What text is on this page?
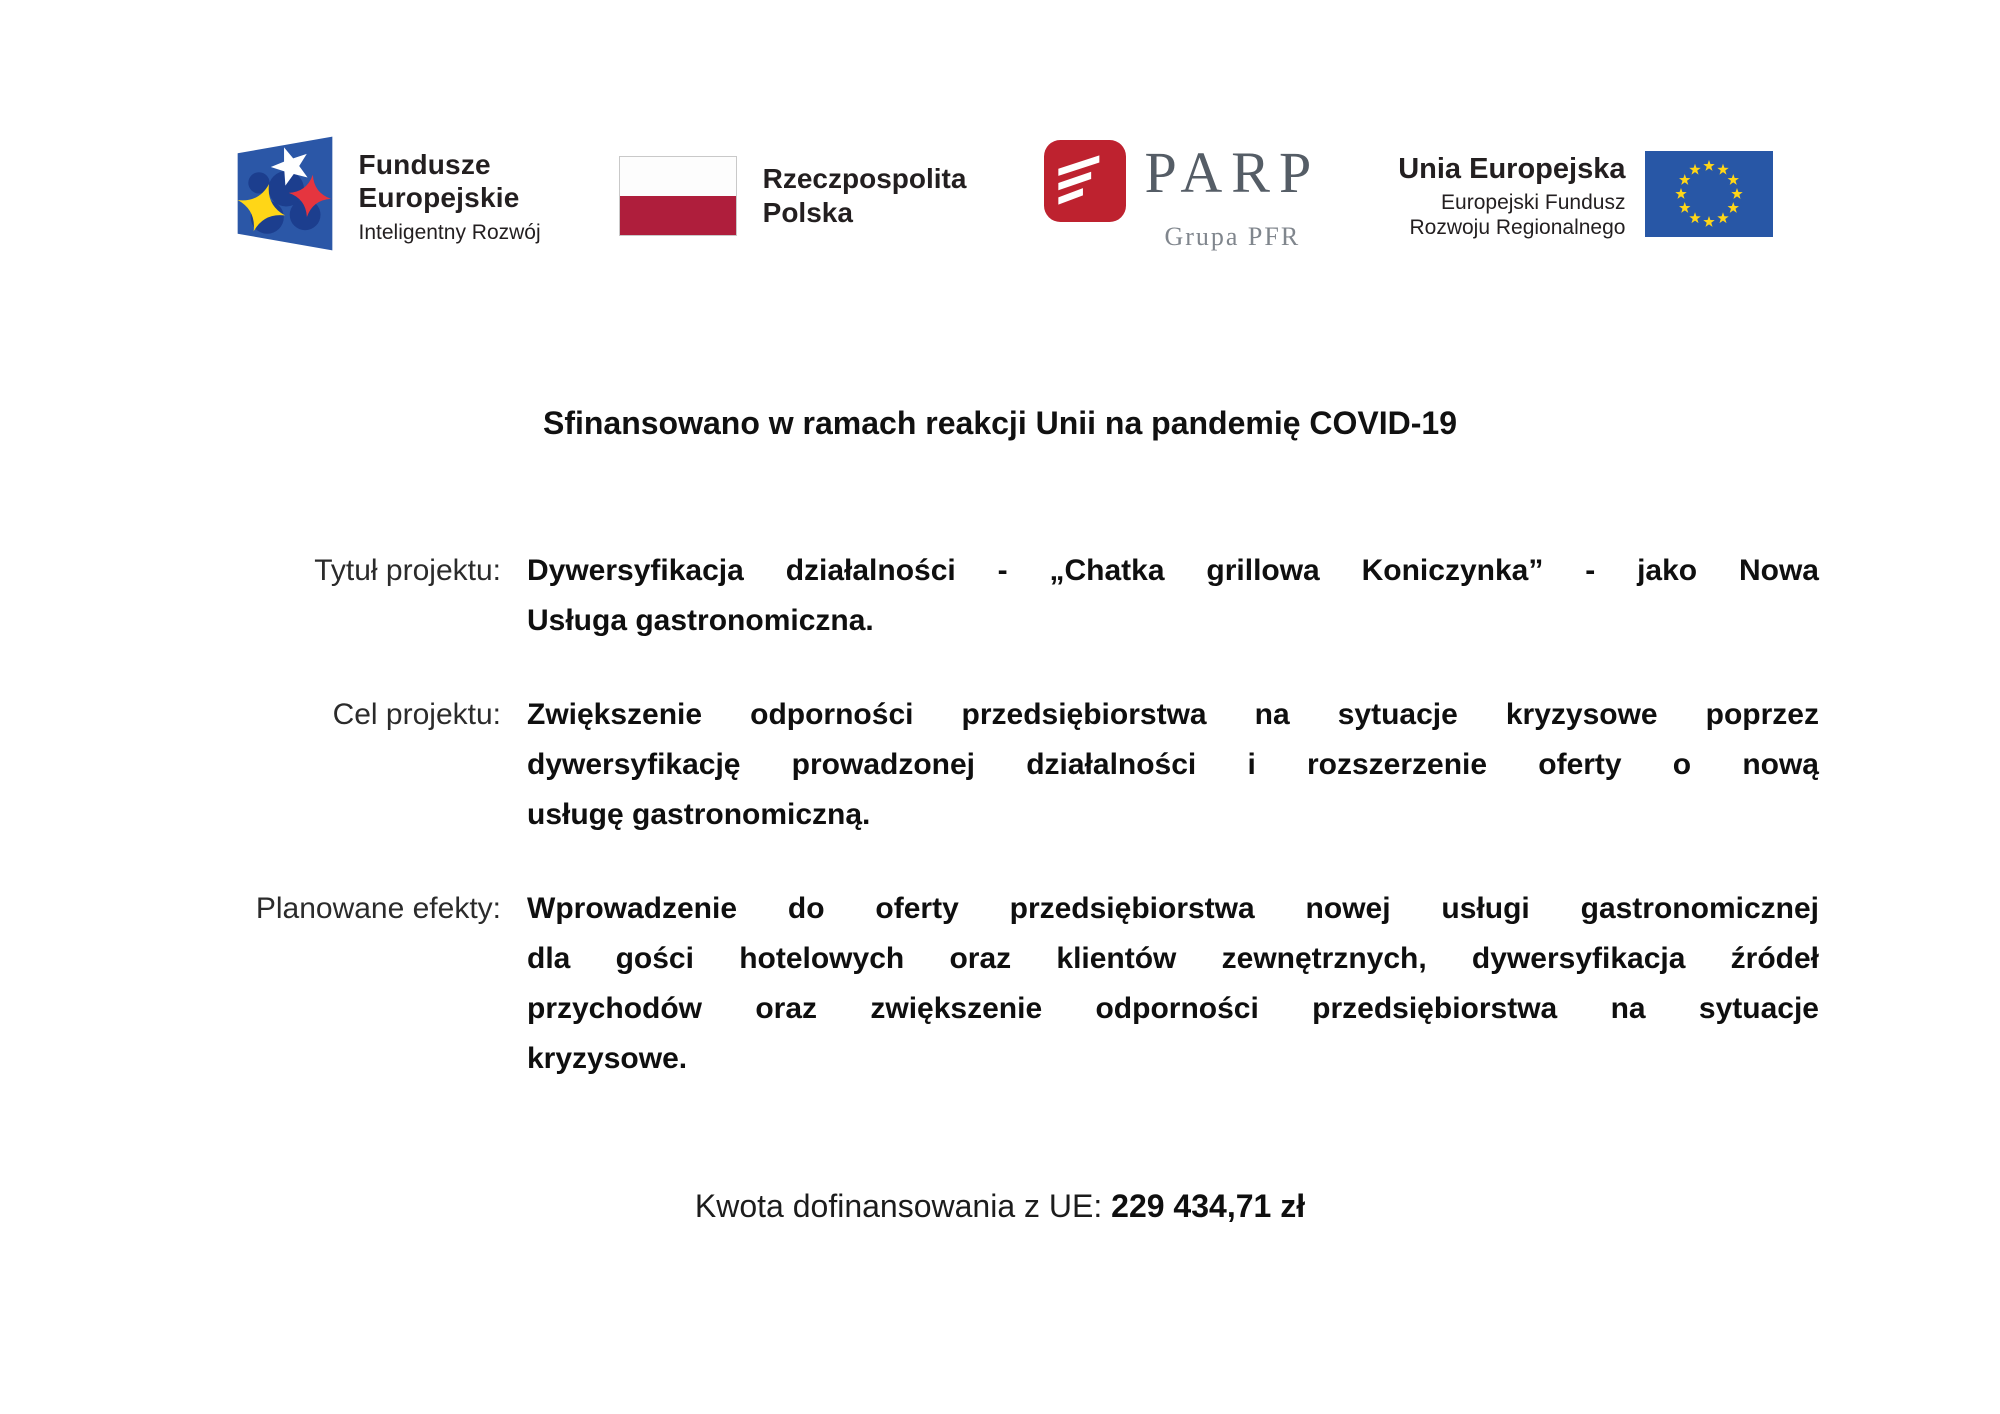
Fundusze
Europejskie
Inteligentny Rozwój
Rzeczpospolita
Polska
PARP
Grupa PFR
Unia Europejska
Europejski Fundusz
Rozwoju Regionalnego
Sfinansowano w ramach reakcji Unii na pandemię COVID-19
Tytuł projektu: Dywersyfikacja działalności - „Chatka grillowa Koniczynka” - jako Nowa
Usługa gastronomiczna.
Cel projektu: Zwiększenie odporności przedsiębiorstwa na sytuacje kryzysowe poprzez
dywersyfikację prowadzonej działalności i rozszerzenie oferty o nową
usługę gastronomiczną.
Planowane efekty: Wprowadzenie do oferty przedsiębiorstwa nowej usługi gastronomicznej
dla gości hotelowych oraz klientów zewnętrznych, dywersyfikacja źródeł
przychodów oraz zwiększenie odporności przedsiębiorstwa na sytuacje
kryzysowe.
Kwota dofinansowania z UE: 229 434,71 zł
